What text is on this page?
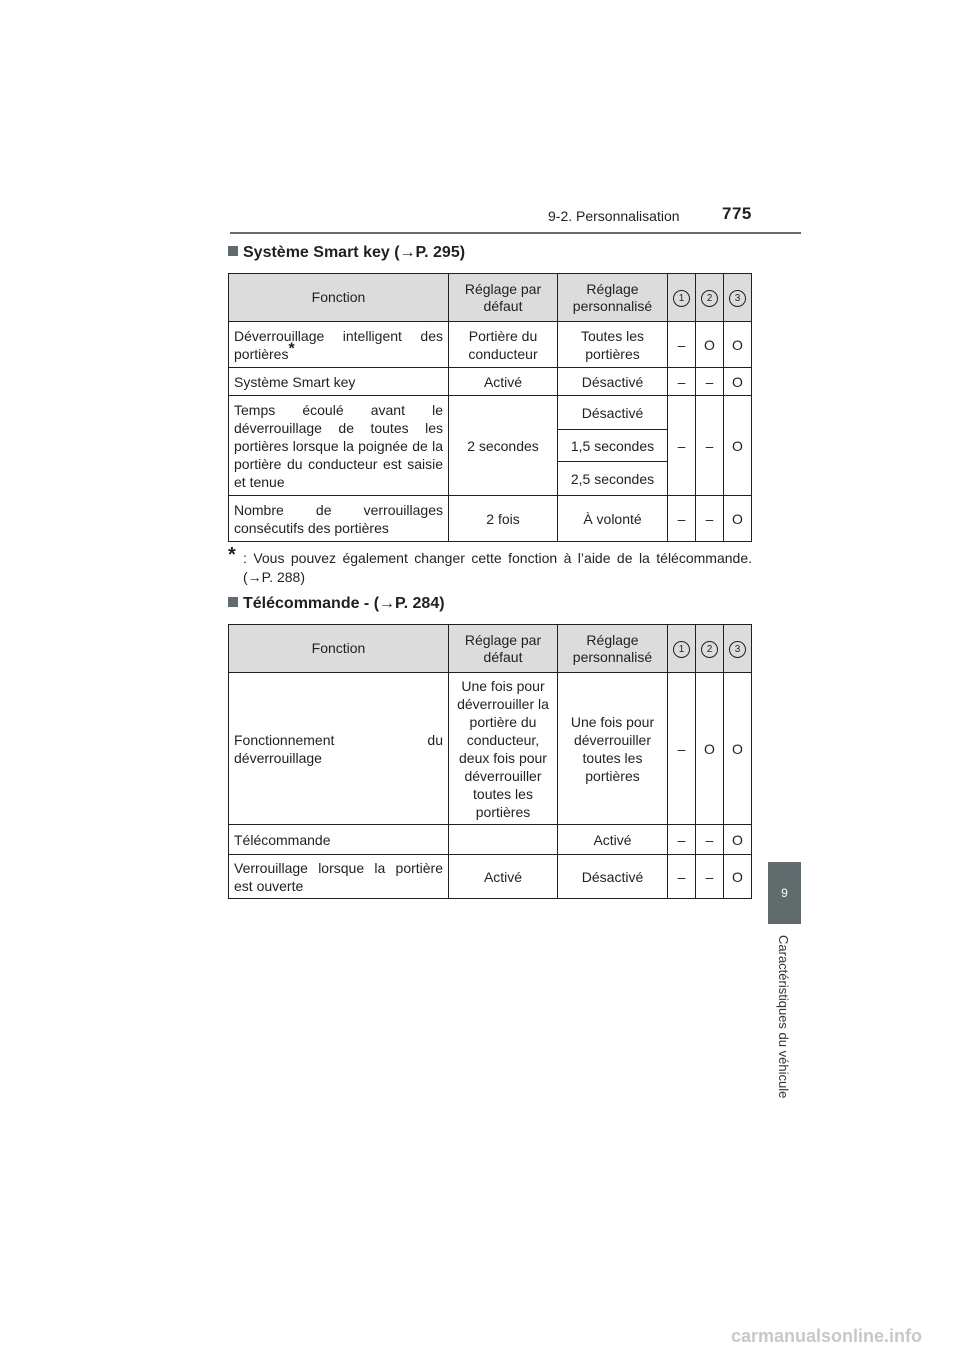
9-2. Personnalisation 775
9
Caractéristiques du véhicule
Système Smart key (→P. 295)
Fonction	Réglage par défaut	Réglage personnalisé	1	2	3
Déverrouillage intelligent des portières*	Portière du conducteur	Toutes les portières	–	O	O
Système Smart key	Activé	Désactivé	–	–	O
Temps écoulé avant le déverrouillage de toutes les portières lorsque la poignée de la portière du conducteur est saisie et tenue	2 secondes	Désactivé	–	–	O
		1,5 secondes			
		2,5 secondes			
Nombre de verrouillages consécutifs des portières	2 fois	À volonté	–	–	O
* : Vous pouvez également changer cette fonction à l’aide de la télécommande. (→P. 288)
Télécommande - (→P. 284)
Fonction	Réglage par défaut	Réglage personnalisé	1	2	3
Fonctionnement du déverrouillage	Une fois pour déverrouiller la portière du conducteur, deux fois pour déverrouiller toutes les portières	Une fois pour déverrouiller toutes les portières	–	O	O
Télécommande		Activé	–	–	O
Verrouillage lorsque la portière est ouverte	Activé	Désactivé	–	–	O
carmanualsonline.info
